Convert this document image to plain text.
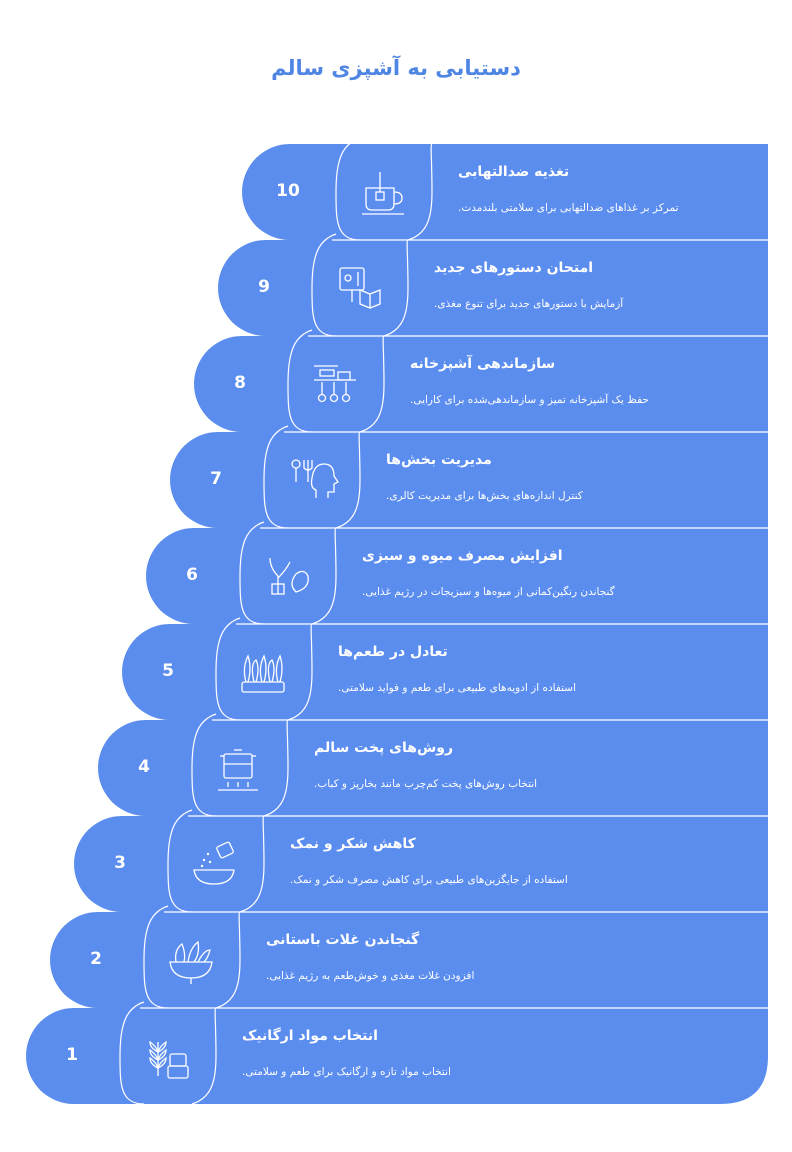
دستیابی به آشپزی سالم
10
تغذیه ضدالتهابی
تمرکز بر غذاهای ضدالتهابی برای سلامتی بلندمدت.
9
امتحان دستورهای جدید
آزمایش با دستورهای جدید برای تنوع مغذی.
8
سازماندهی آشپزخانه
حفظ یک آشپزخانه تمیز و سازماندهی‌شده برای کارایی.
7
مدیریت بخش‌ها
کنترل اندازه‌های بخش‌ها برای مدیریت کالری.
6
افزایش مصرف میوه و سبزی
گنجاندن رنگین‌کمانی از میوه‌ها و سبزیجات در رژیم غذایی.
5
تعادل در طعم‌ها
استفاده از ادویه‌های طبیعی برای طعم و فواید سلامتی.
4
روش‌های پخت سالم
انتخاب روش‌های پخت کم‌چرب مانند بخارپز و کباب.
3
کاهش شکر و نمک
استفاده از جایگزین‌های طبیعی برای کاهش مصرف شکر و نمک.
2
گنجاندن غلات باستانی
افزودن غلات مغذی و خوش‌طعم به رژیم غذایی.
1
انتخاب مواد ارگانیک
انتخاب مواد تازه و ارگانیک برای طعم و سلامتی.
